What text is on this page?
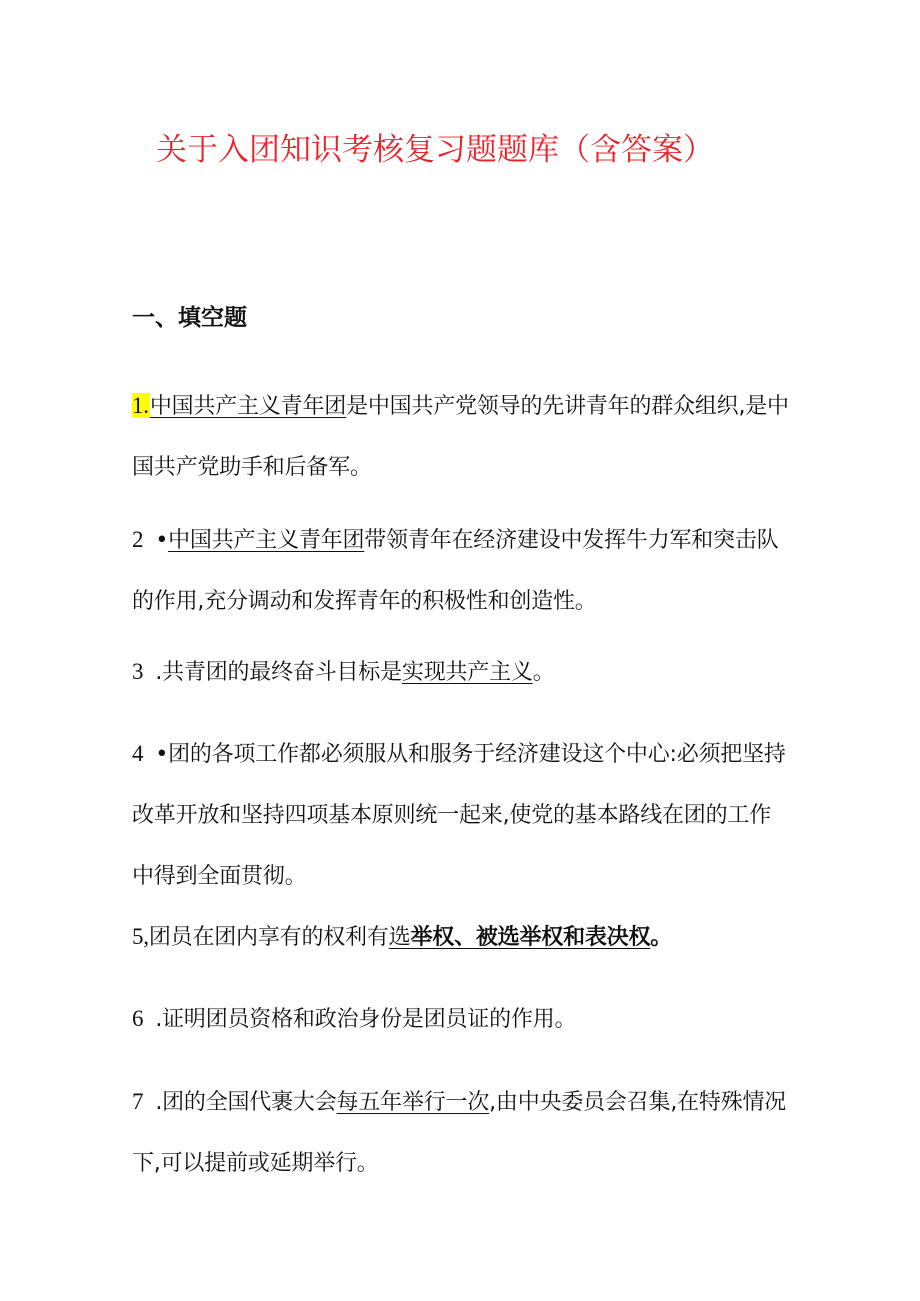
关于入团知识考核复习题题库（含答案）
一、填空题
1.中国共产主义青年团是中国共产党领导的先讲青年的群众组织,是中国共产党助手和后备军。
2 •中国共产主义青年团带领青年在经济建设中发挥牛力军和突击队的作用,充分调动和发挥青年的积极性和创造性。
3 .共青团的最终奋斗目标是实现共产主义。
4 •团的各项工作都必须服从和服务于经济建设这个中心:必须把坚持改革开放和坚持四项基本原则统一起来,使党的基本路线在团的工作中得到全面贯彻。
5,团员在团内享有的权利有选举权、被选举权和表决权。
6 .证明团员资格和政治身份是团员证的作用。
7 .团的全国代裹大会每五年举行一次,由中央委员会召集,在特殊情况下,可以提前或延期举行。
